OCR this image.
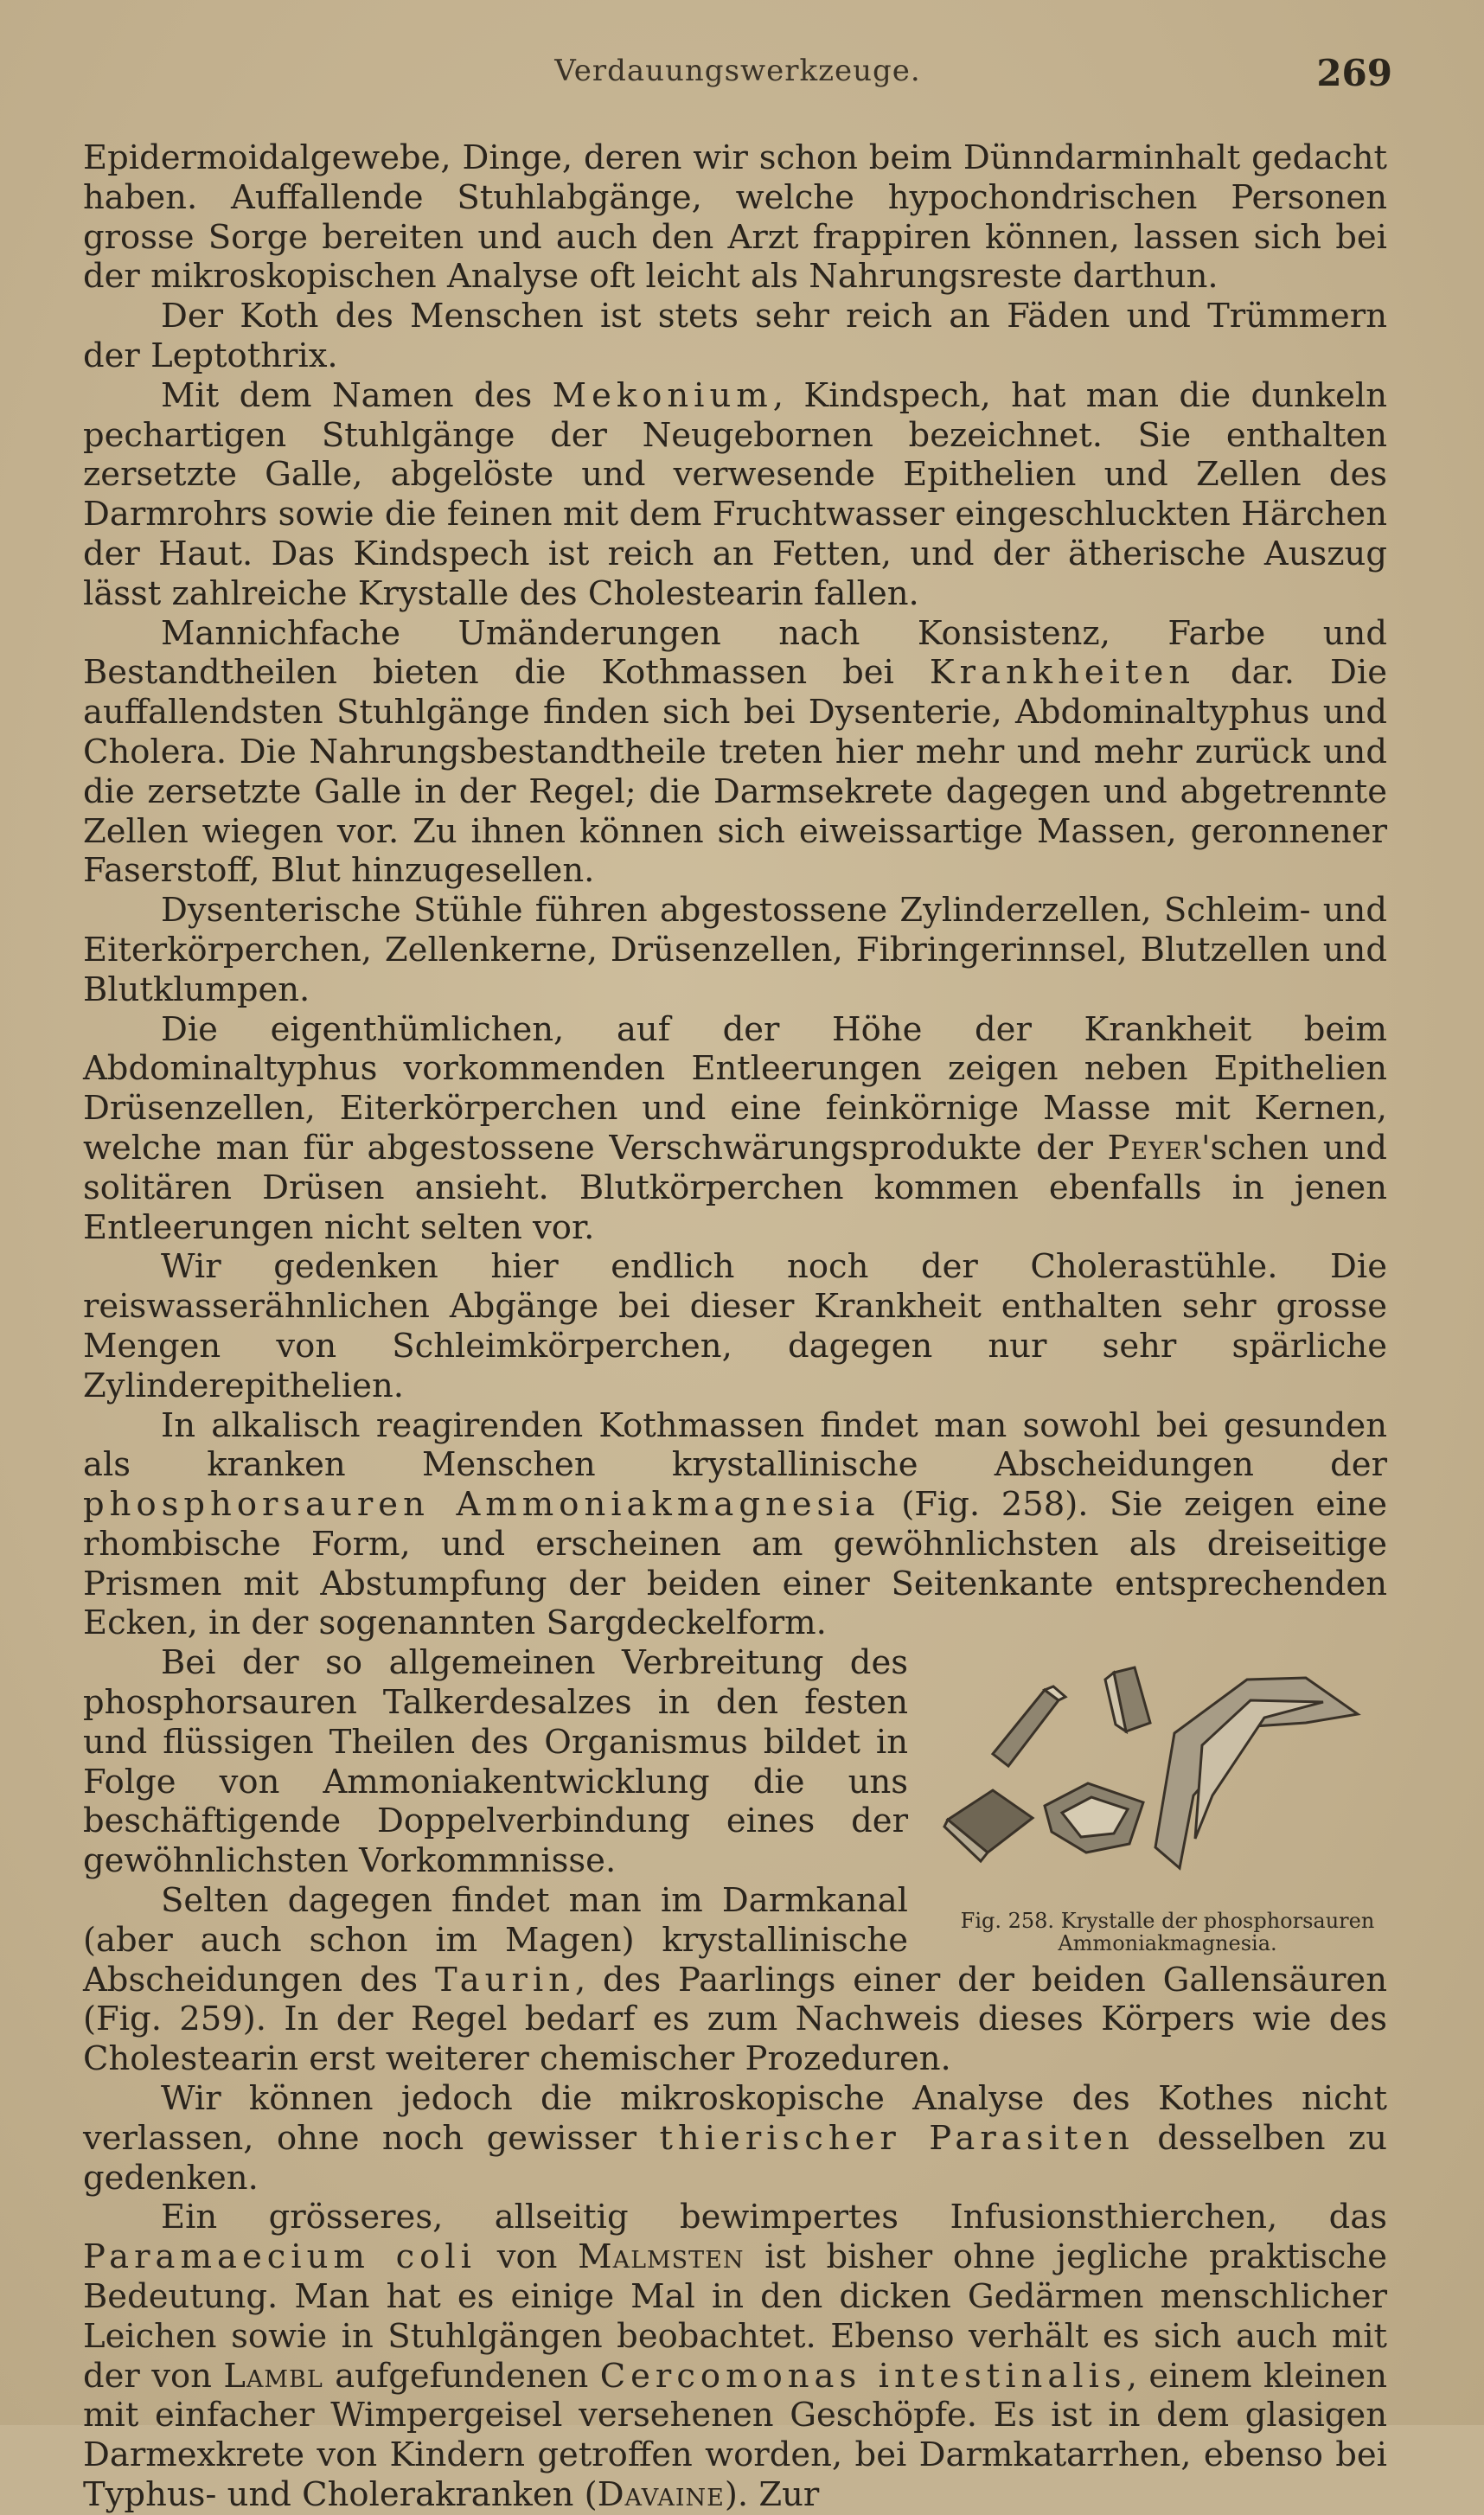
Verdauungswerkzeuge.	269

Epidermoidalgewebe, Dinge, deren wir schon beim Dünndarminhalt gedacht haben. Auffallende Stuhlabgänge, welche hypochondrischen Personen grosse Sorge bereiten und auch den Arzt frappiren können, lassen sich bei der mikroskopischen Analyse oft leicht als Nahrungsreste darthun.

Der Koth des Menschen ist stets sehr reich an Fäden und Trümmern der Leptothrix.

Mit dem Namen des Mekonium, Kindspech, hat man die dunkeln pechartigen Stuhlgänge der Neugebornen bezeichnet. Sie enthalten zersetzte Galle, abgelöste und verwesende Epithelien und Zellen des Darmrohrs sowie die feinen mit dem Fruchtwasser eingeschluckten Härchen der Haut. Das Kindspech ist reich an Fetten, und der ätherische Auszug lässt zahlreiche Krystalle des Cholestearin fallen.

Mannichfache Umänderungen nach Konsistenz, Farbe und Bestandtheilen bieten die Kothmassen bei Krankheiten dar. Die auffallendsten Stuhlgänge finden sich bei Dysenterie, Abdominaltyphus und Cholera. Die Nahrungsbestandtheile treten hier mehr und mehr zurück und die zersetzte Galle in der Regel; die Darmsekrete dagegen und abgetrennte Zellen wiegen vor. Zu ihnen können sich eiweissartige Massen, geronnener Faserstoff, Blut hinzugesellen.

Dysenterische Stühle führen abgestossene Zylinderzellen, Schleim- und Eiterkörperchen, Zellenkerne, Drüsenzellen, Fibringerinnsel, Blutzellen und Blutklumpen.

Die eigenthümlichen, auf der Höhe der Krankheit beim Abdominaltyphus vorkommenden Entleerungen zeigen neben Epithelien Drüsenzellen, Eiterkörperchen und eine feinkörnige Masse mit Kernen, welche man für abgestossene Verschwärungsprodukte der Peyer'schen und solitären Drüsen ansieht. Blutkörperchen kommen ebenfalls in jenen Entleerungen nicht selten vor.

Wir gedenken hier endlich noch der Cholerastühle. Die reiswasserähnlichen Abgänge bei dieser Krankheit enthalten sehr grosse Mengen von Schleimkörperchen, dagegen nur sehr spärliche Zylinderepithelien.

In alkalisch reagirenden Kothmassen findet man sowohl bei gesunden als kranken Menschen krystallinische Abscheidungen der phosphorsauren Ammoniakmagnesia (Fig. 258). Sie zeigen eine rhombische Form, und erscheinen am gewöhnlichsten als dreiseitige Prismen mit Abstumpfung der beiden einer Seitenkante entsprechenden Ecken, in der sogenannten Sargdeckelform.

Fig. 258. Krystalle der phosphorsauren
Ammoniakmagnesia.

Bei der so allgemeinen Verbreitung des phosphorsauren Talkerdesalzes in den festen und flüssigen Theilen des Organismus bildet in Folge von Ammoniakentwicklung die uns beschäftigende Doppelverbindung eines der gewöhnlichsten Vorkommnisse.

Selten dagegen findet man im Darmkanal (aber auch schon im Magen) krystallinische Abscheidungen des Taurin, des Paarlings einer der beiden Gallensäuren (Fig. 259). In der Regel bedarf es zum Nachweis dieses Körpers wie des Cholestearin erst weiterer chemischer Prozeduren.

Wir können jedoch die mikroskopische Analyse des Kothes nicht verlassen, ohne noch gewisser thierischer Parasiten desselben zu gedenken.

Ein grösseres, allseitig bewimpertes Infusionsthierchen, das Paramaecium coli von Malmsten ist bisher ohne jegliche praktische Bedeutung. Man hat es einige Mal in den dicken Gedärmen menschlicher Leichen sowie in Stuhlgängen beobachtet. Ebenso verhält es sich auch mit der von Lambl aufgefundenen Cercomonas intestinalis, einem kleinen mit einfacher Wimpergeisel versehenen Geschöpfe. Es ist in dem glasigen Darmexkrete von Kindern getroffen worden, bei Darmkatarrhen, ebenso bei Typhus- und Cholerakranken (Davaine). Zur
